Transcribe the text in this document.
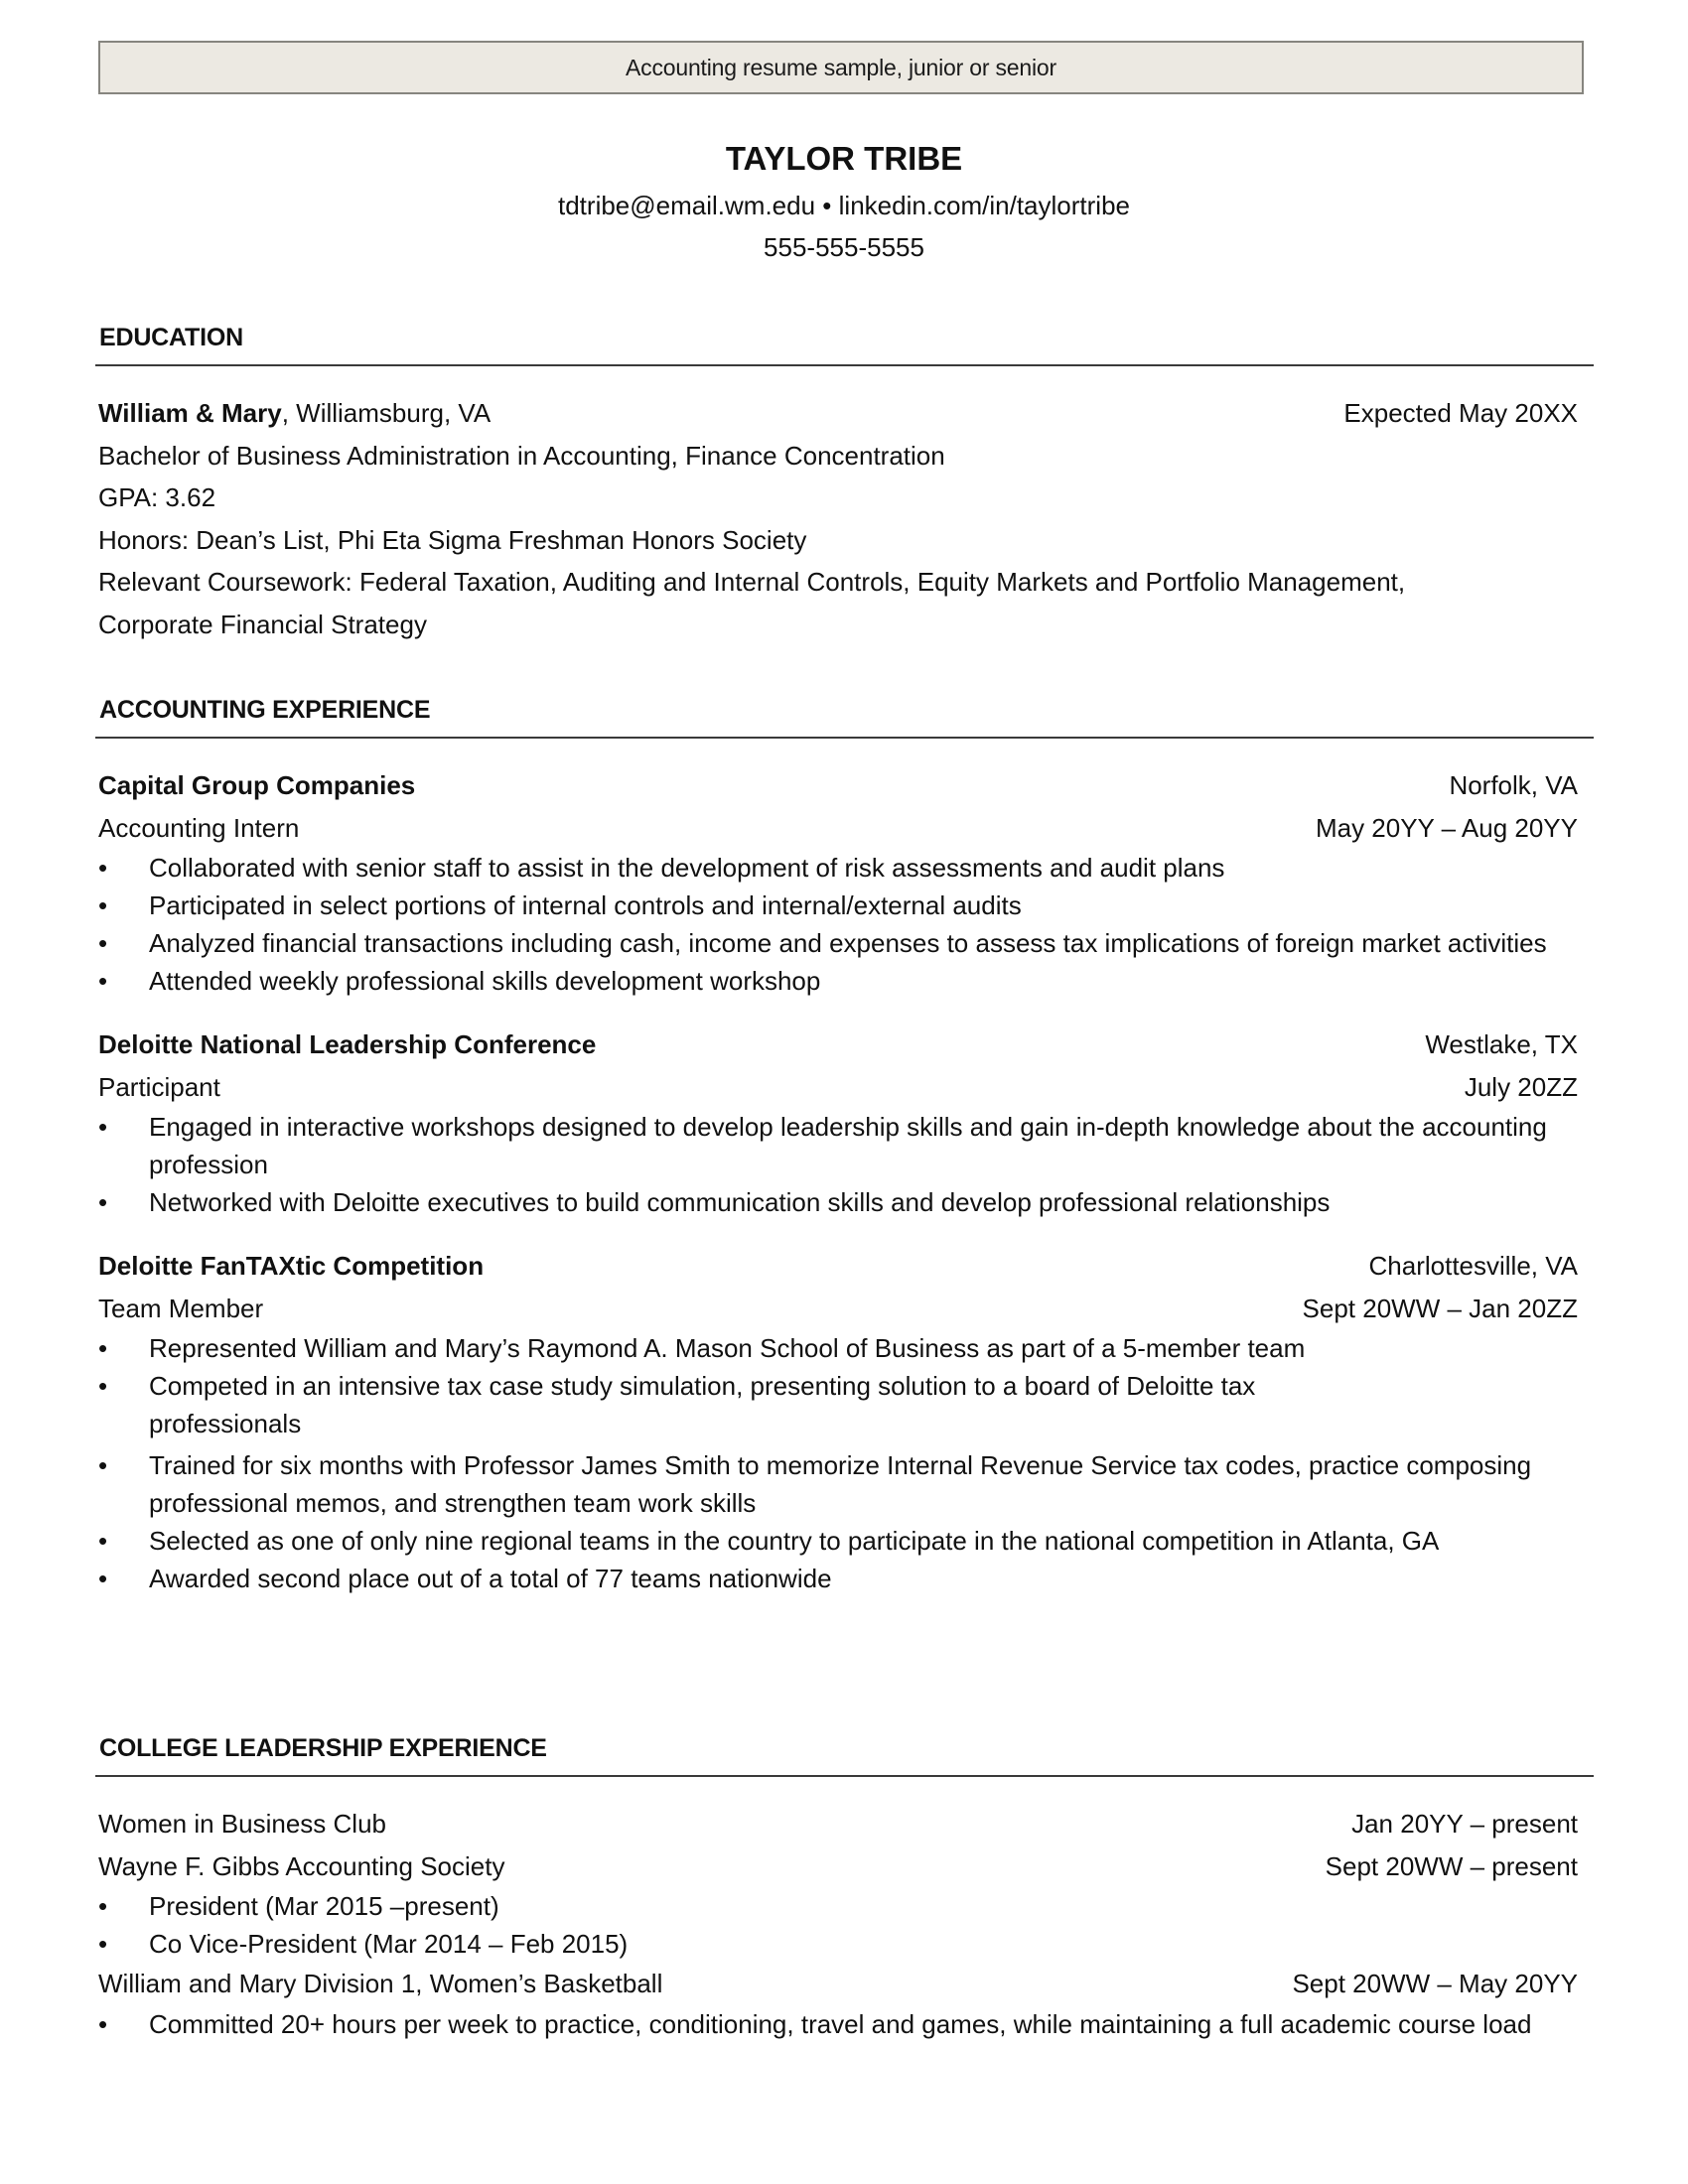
Accounting resume sample, junior or senior
TAYLOR TRIBE
tdtribe@email.wm.edu • linkedin.com/in/taylortribe
555-555-5555
EDUCATION
William & Mary, Williamsburg, VA	Expected May 20XX
Bachelor of Business Administration in Accounting, Finance Concentration
GPA: 3.62
Honors: Dean’s List, Phi Eta Sigma Freshman Honors Society
Relevant Coursework: Federal Taxation, Auditing and Internal Controls, Equity Markets and Portfolio Management,
Corporate Financial Strategy
ACCOUNTING EXPERIENCE
Capital Group Companies	Norfolk, VA
Accounting Intern	May 20YY – Aug 20YY
• Collaborated with senior staff to assist in the development of risk assessments and audit plans
• Participated in select portions of internal controls and internal/external audits
• Analyzed financial transactions including cash, income and expenses to assess tax implications of foreign market activities
• Attended weekly professional skills development workshop
Deloitte National Leadership Conference	Westlake, TX
Participant	July 20ZZ
• Engaged in interactive workshops designed to develop leadership skills and gain in-depth knowledge about the accounting profession
• Networked with Deloitte executives to build communication skills and develop professional relationships
Deloitte FanTAXtic Competition	Charlottesville, VA
Team Member	Sept 20WW – Jan 20ZZ
• Represented William and Mary’s Raymond A. Mason School of Business as part of a 5-member team
• Competed in an intensive tax case study simulation, presenting solution to a board of Deloitte tax professionals
• Trained for six months with Professor James Smith to memorize Internal Revenue Service tax codes, practice composing professional memos, and strengthen team work skills
• Selected as one of only nine regional teams in the country to participate in the national competition in Atlanta, GA
• Awarded second place out of a total of 77 teams nationwide
COLLEGE LEADERSHIP EXPERIENCE
Women in Business Club	Jan 20YY – present
Wayne F. Gibbs Accounting Society	Sept 20WW – present
• President (Mar 2015 –present)
• Co Vice-President (Mar 2014 – Feb 2015)
William and Mary Division 1, Women’s Basketball	Sept 20WW – May 20YY
• Committed 20+ hours per week to practice, conditioning, travel and games, while maintaining a full academic course load
